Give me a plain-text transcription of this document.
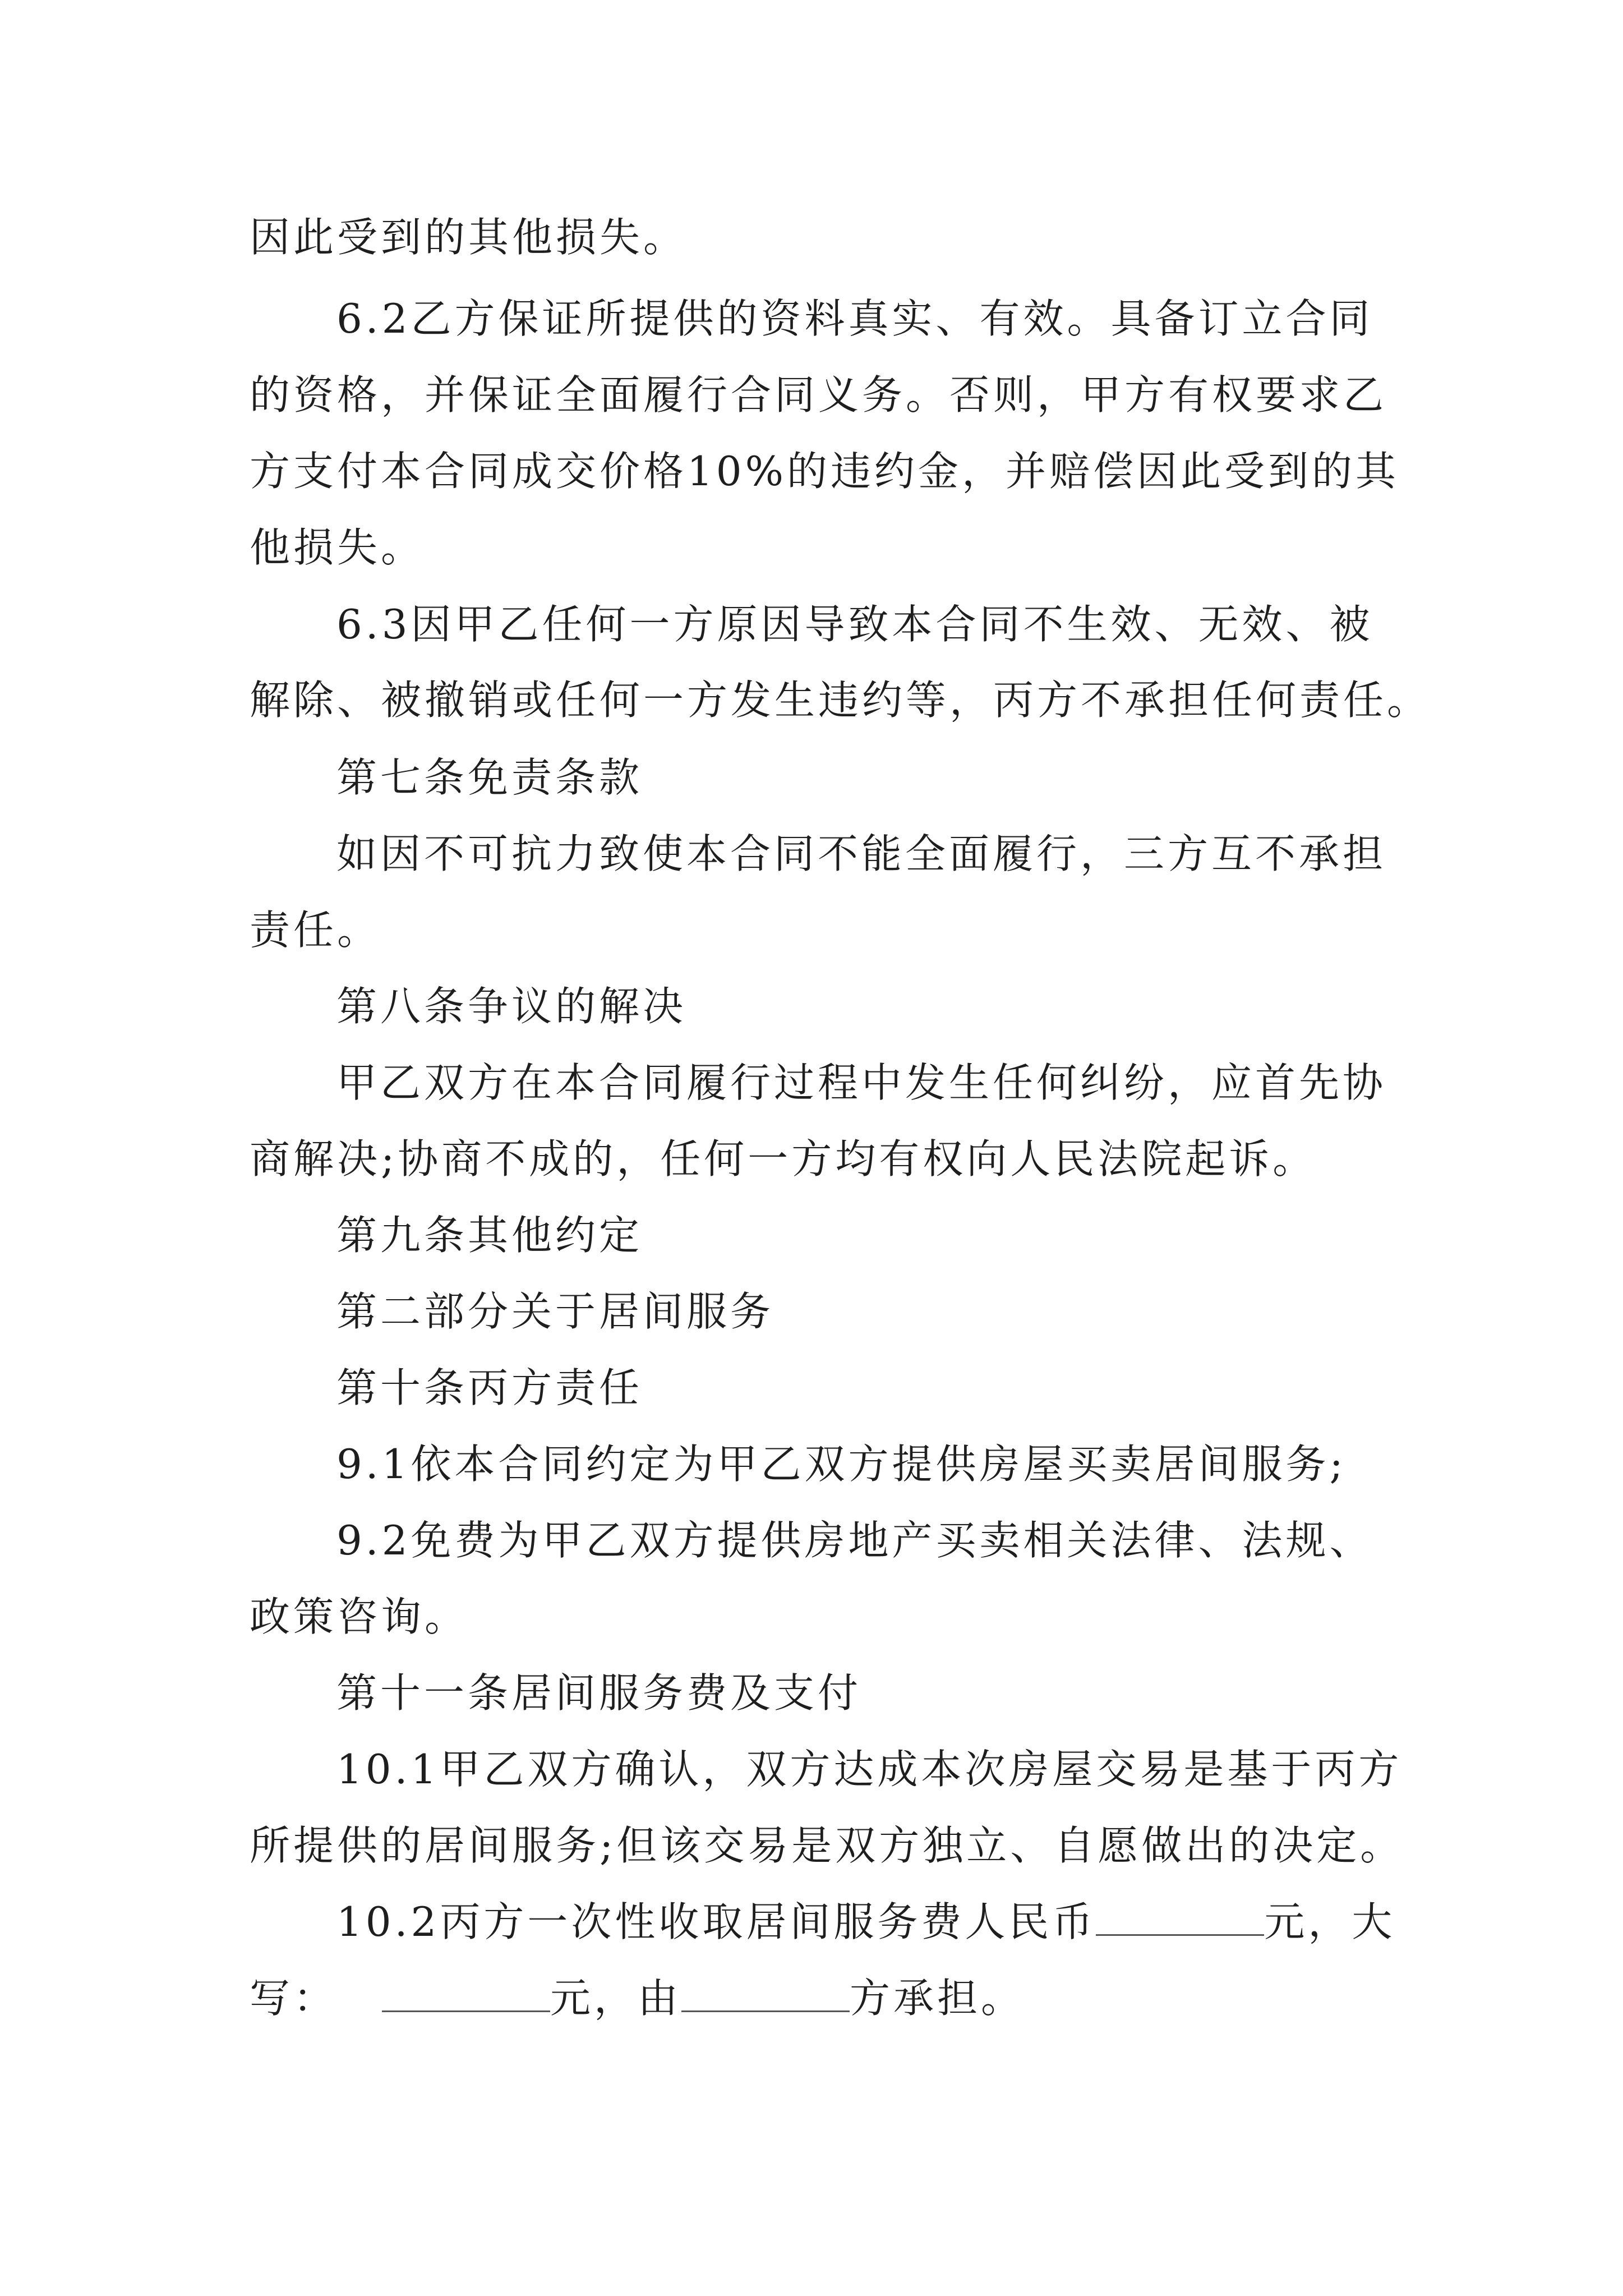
因此受到的其他损失。
6.2乙方保证所提供的资料真实、有效。具备订立合同
的资格，并保证全面履行合同义务。否则，甲方有权要求乙
方支付本合同成交价格10%的违约金，并赔偿因此受到的其
他损失。
6.3因甲乙任何一方原因导致本合同不生效、无效、被
解除、被撤销或任何一方发生违约等，丙方不承担任何责任。
第七条免责条款
如因不可抗力致使本合同不能全面履行，三方互不承担
责任。
第八条争议的解决
甲乙双方在本合同履行过程中发生任何纠纷，应首先协
商解决;协商不成的，任何一方均有权向人民法院起诉。
第九条其他约定
第二部分关于居间服务
第十条丙方责任
9.1依本合同约定为甲乙双方提供房屋买卖居间服务;
9.2免费为甲乙双方提供房地产买卖相关法律、法规、
政策咨询。
第十一条居间服务费及支付
10.1甲乙双方确认，双方达成本次房屋交易是基于丙方
所提供的居间服务;但该交易是双方独立、自愿做出的决定。
10.2丙方一次性收取居间服务费人民币	元，大
写：	元，由	方承担。
